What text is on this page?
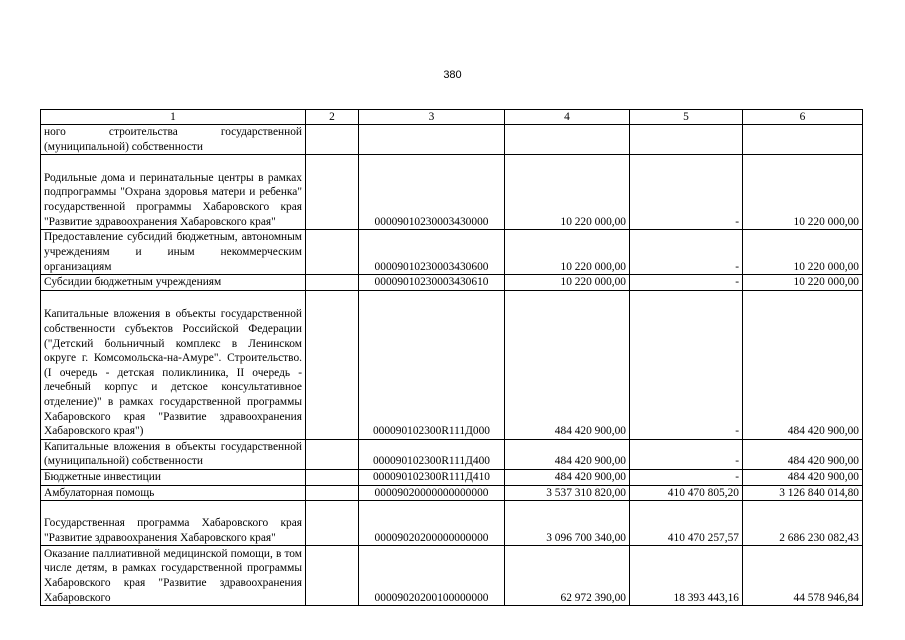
380
1	2	3	4	5	6
ного строительства государственной (муниципальной) собственности					
Родильные дома и перинатальные центры в рамках подпрограммы "Охрана здоровья матери и ребенка" государственной программы Хабаровского края "Развитие здравоохранения Хабаровского края"		00009010230003430000	10 220 000,00	-	10 220 000,00
Предоставление субсидий бюджетным, автономным учреждениям и иным некоммерческим организациям		00009010230003430600	10 220 000,00	-	10 220 000,00
Субсидии бюджетным учреждениям		00009010230003430610	10 220 000,00	-	10 220 000,00
Капитальные вложения в объекты государственной собственности субъектов Российской Федерации ("Детский больничный комплекс в Ленинском округе г. Комсомольска-на-Амуре". Строительство. (I очередь - детская поликлиника, II очередь - лечебный корпус и детское консультативное отделение)" в рамках государственной программы Хабаровского края "Развитие здравоохранения Хабаровского края")		000090102300R111Д000	484 420 900,00	-	484 420 900,00
Капитальные вложения в объекты государственной (муниципальной) собственности		000090102300R111Д400	484 420 900,00	-	484 420 900,00
Бюджетные инвестиции		000090102300R111Д410	484 420 900,00	-	484 420 900,00
Амбулаторная помощь		00009020000000000000	3 537 310 820,00	410 470 805,20	3 126 840 014,80
Государственная программа Хабаровского края "Развитие здравоохранения Хабаровского края"		00009020200000000000	3 096 700 340,00	410 470 257,57	2 686 230 082,43
Оказание паллиативной медицинской помощи, в том числе детям, в рамках государственной программы Хабаровского края "Развитие здравоохранения Хабаровского		00009020200100000000	62 972 390,00	18 393 443,16	44 578 946,84
